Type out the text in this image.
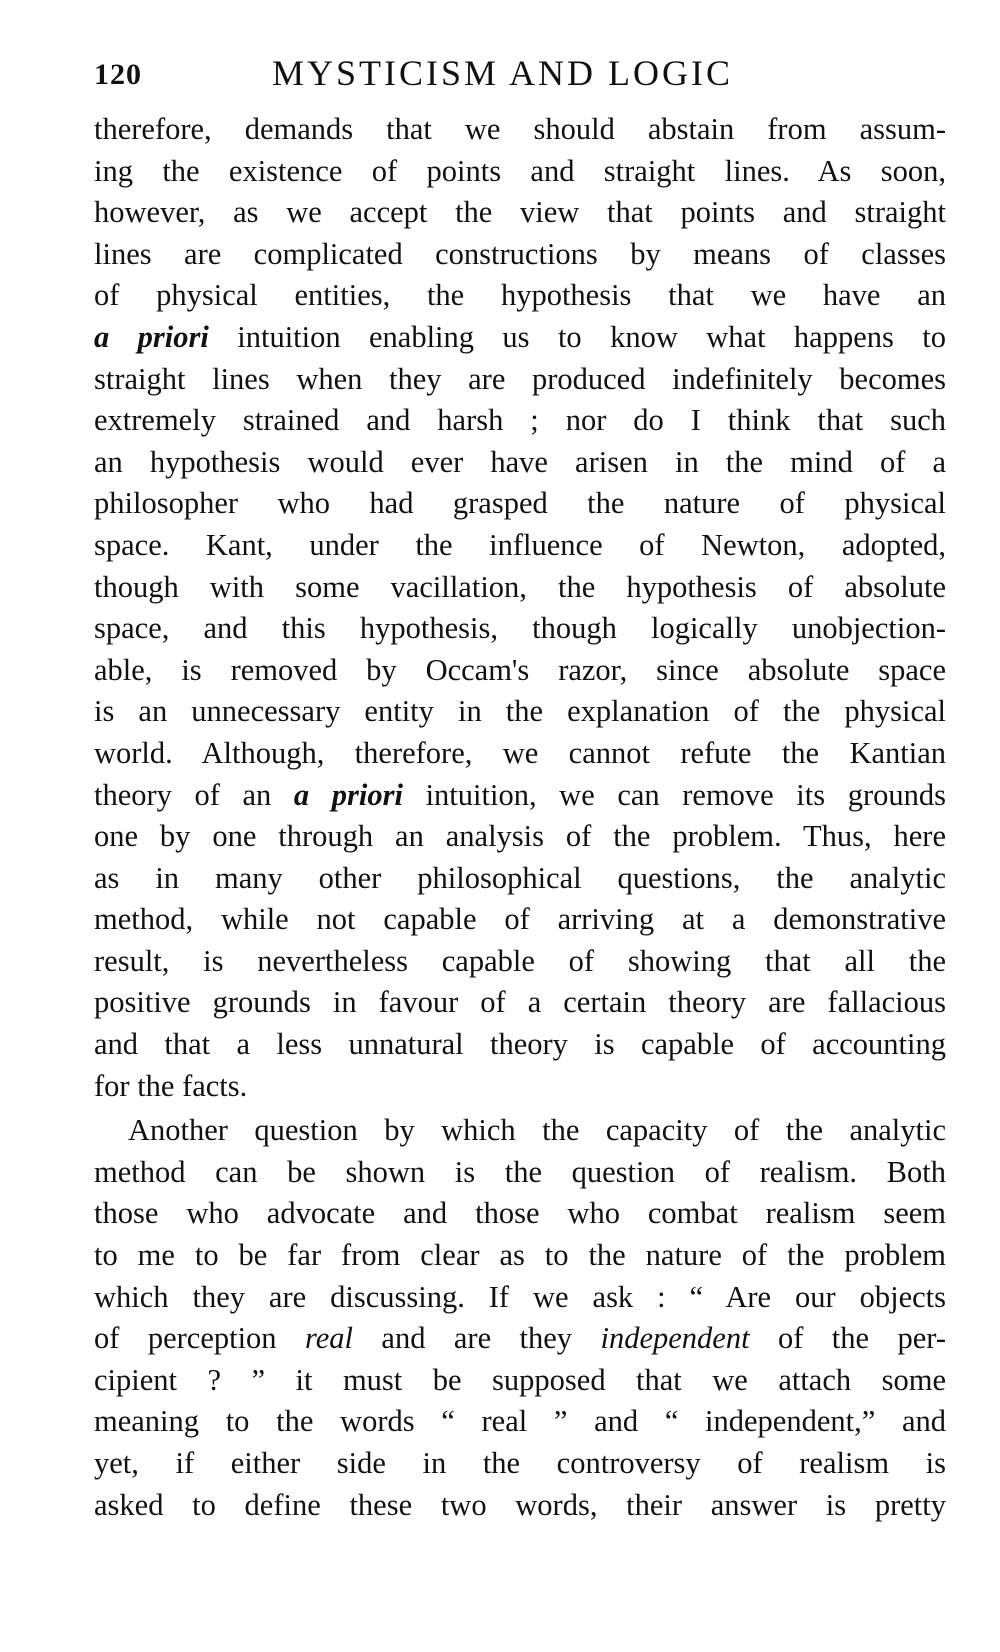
120	MYSTICISM AND LOGIC
therefore, demands that we should abstain from assum-
ing the existence of points and straight lines. As soon,
however, as we accept the view that points and straight
lines are complicated constructions by means of classes
of physical entities, the hypothesis that we have an
a priori intuition enabling us to know what happens to
straight lines when they are produced indefinitely becomes
extremely strained and harsh ; nor do I think that such
an hypothesis would ever have arisen in the mind of a
philosopher who had grasped the nature of physical
space. Kant, under the influence of Newton, adopted,
though with some vacillation, the hypothesis of absolute
space, and this hypothesis, though logically unobjection-
able, is removed by Occam's razor, since absolute space
is an unnecessary entity in the explanation of the physical
world. Although, therefore, we cannot refute the Kantian
theory of an a priori intuition, we can remove its grounds
one by one through an analysis of the problem. Thus, here
as in many other philosophical questions, the analytic
method, while not capable of arriving at a demonstrative
result, is nevertheless capable of showing that all the
positive grounds in favour of a certain theory are fallacious
and that a less unnatural theory is capable of accounting
for the facts.
Another question by which the capacity of the analytic
method can be shown is the question of realism. Both
those who advocate and those who combat realism seem
to me to be far from clear as to the nature of the problem
which they are discussing. If we ask : “ Are our objects
of perception real and are they independent of the per-
cipient ? ” it must be supposed that we attach some
meaning to the words “ real ” and “ independent,” and
yet, if either side in the controversy of realism is
asked to define these two words, their answer is pretty
